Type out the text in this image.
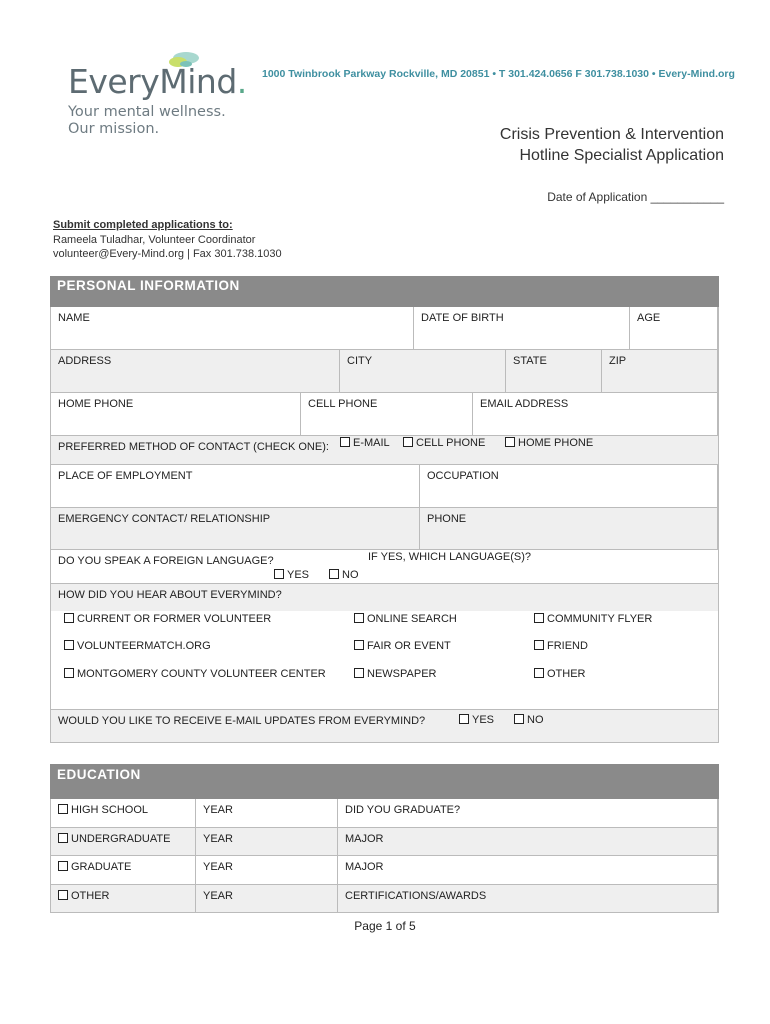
EveryMind.
Your mental wellness.
Our mission.
1000 Twinbrook Parkway Rockville, MD 20851 • T 301.424.0656 F 301.738.1030 • Every-Mind.org
Crisis Prevention & Intervention
Hotline Specialist Application
Date of Application ___________
Submit completed applications to:
Rameela Tuladhar, Volunteer Coordinator
volunteer@Every-Mind.org | Fax 301.738.1030
PERSONAL INFORMATION
NAME	DATE OF BIRTH	AGE
ADDRESS	CITY	STATE	ZIP
HOME PHONE	CELL PHONE	EMAIL ADDRESS
PREFERRED METHOD OF CONTACT (CHECK ONE):	E-MAIL	CELL PHONE	HOME PHONE
PLACE OF EMPLOYMENT	OCCUPATION
EMERGENCY CONTACT/ RELATIONSHIP	PHONE
DO YOU SPEAK A FOREIGN LANGUAGE?	IF YES, WHICH LANGUAGE(S)?
YES	NO
HOW DID YOU HEAR ABOUT EVERYMIND?
CURRENT OR FORMER VOLUNTEER	ONLINE SEARCH	COMMUNITY FLYER
VOLUNTEERMATCH.ORG	FAIR OR EVENT	FRIEND
MONTGOMERY COUNTY VOLUNTEER CENTER	NEWSPAPER	OTHER
WOULD YOU LIKE TO RECEIVE E-MAIL UPDATES FROM EVERYMIND?	YES	NO
EDUCATION
HIGH SCHOOL	YEAR	DID YOU GRADUATE?
UNDERGRADUATE	YEAR	MAJOR
GRADUATE	YEAR	MAJOR
OTHER	YEAR	CERTIFICATIONS/AWARDS
Page 1 of 5
